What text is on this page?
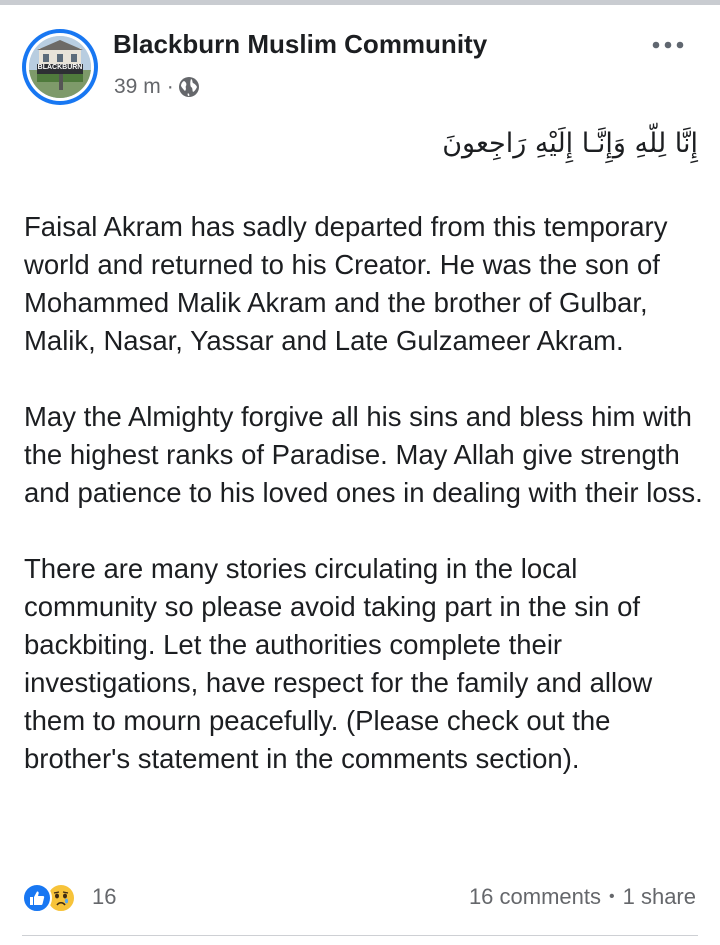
BLACKBURN
Blackburn Muslim Community
39 m ·
إِنَّا لِلّهِ وَإِنَّـا إِلَيْهِ رَاجِعونَ

Faisal Akram has sadly departed from this temporary world and returned to his Creator. He was the son of Mohammed Malik Akram and the brother of Gulbar, Malik, Nasar, Yassar and Late Gulzameer Akram.

May the Almighty forgive all his sins and bless him with the highest ranks of Paradise. May Allah give strength and patience to his loved ones in dealing with their loss.

There are many stories circulating in the local community so please avoid taking part in the sin of backbiting. Let the authorities complete their investigations, have respect for the family and allow them to mourn peacefully. (Please check out the brother's statement in the comments section).

16	16 comments • 1 share
